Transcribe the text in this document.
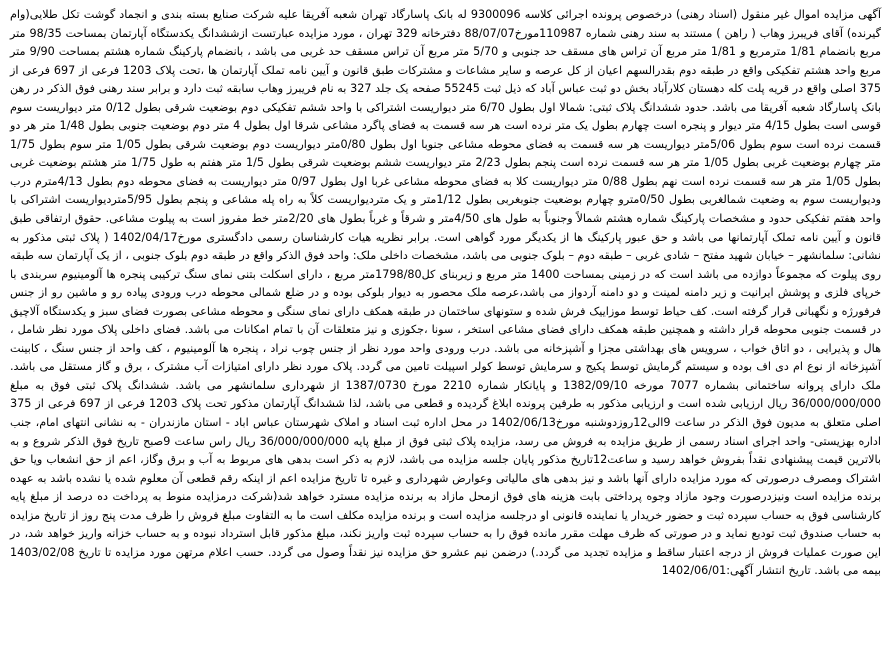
آگهی مزایده اموال غیر منقول (اسناد رهنی) درخصوص پرونده اجرائی کلاسه 9300096 له بانک پاسارگاد تهران شعبه آفریقا علیه شرکت صنایع بسته بندی و انجماد گوشت تکل طلایی(وام گیرنده) آقای فریبرز وهاب ( راهن ) مستند به سند رهنی شماره 110987مورخ88/07/07 دفترخانه 329 تهران ، مورد مزایده عبارتست ازششدانگ یکدستگاه آپارتمان بمساحت 98/35 متر مربع بانضمام 1/81 مترمربع و 1/81 متر مربع آن تراس های مسقف حد جنوبی و 5/70 متر مربع آن تراس مسقف حد غربی می باشد ، بانضمام پارکینگ شماره هشتم بمساحت 9/90 متر مربع واحد هشتم تفکیکی واقع در طبقه دوم بقدرالسهم اعیان از کل عرصه و سایر مشاعات و مشترکات طبق قانون و آیین نامه تملک آپارتمان ها ،تحت پلاک 1203 فرعی از 697 فرعی از 375 اصلی واقع در قریه پلت کله دهستان کلارآباد بخش دو ثبت عباس آباد که ذیل ثبت 55245 صفحه یک جلد 327 به نام فریبرز وهاب سابقه ثبت دارد و برابر سند رهنی فوق الذکر در رهن بانک پاسارگاد شعبه آفریقا می باشد. حدود ششدانگ پلاک ثبتی: شمالا اول بطول 6/70 متر دیواریست اشتراکی با واحد ششم تفکیکی دوم بوضعیت شرقی بطول 0/12 متر دیواریست سوم قوسی است بطول 4/15 متر دیوار و پنجره است چهارم بطول یک متر نرده است هر سه قسمت به فضای پاگرد مشاعی شرقا اول بطول 4 متر دوم بوضعیت جنوبی بطول 1/48 متر هر دو قسمت نرده است سوم بطول 5/06متر دیواریست هر سه قسمت به فضای محوطه مشاعی جنوبا اول بطول 0/80متر دیواریست دوم بوضعیت شرقی بطول 1/05 متر سوم بطول 1/75 متر چهارم بوضعیت غربی بطول 1/05 متر هر سه قسمت نرده است پنجم بطول 2/23 متر دیواریست ششم بوضعیت شرقی بطول 1/5 متر هفتم به طول 1/75 متر هشتم بوضعیت غربی بطول 1/05 متر هر سه قسمت نرده است نهم بطول 0/88 متر دیواریست کلا به فضای محوطه مشاعی غربا اول بطول 0/97 متر دیواریست به فضای محوطه دوم بطول 4/13مترم درب ودیواریست سوم به وضعیت شمالغربی بطول 0/50مترو چهارم بوضعیت جنوبغربی بطول 1/12متر و یک متردیواریست کلاً به راه پله مشاعی و پنجم بطول 5/95متردیواریست اشتراکی با واحد هفتم تفکیکی حدود و مشخصات پارکینگ شماره هشتم شمالاً وجنوباً به طول های 4/50متر و شرقاً و غرباً بطول های 2/20متر خط مفروز است به پیلوت مشاعی. حقوق ارتفاقی طبق قانون و آیین نامه تملک آپارتمانها می باشد و حق عبور پارکینگ ها از یکدیگر مورد گواهی است. برابر نظریه هیات کارشناسان رسمی دادگستری مورخ1402/04/17 ( پلاک ثبتی مذکور به نشانی: سلمانشهر – خیابان شهید مفتح – شادی غربی – طبقه دوم – بلوک جنوبی می باشد، مشخصات داخلی ملک: واحد فوق الذکر واقع در طبقه دوم بلوک جنوبی ، از یک آپارتمان سه طبقه روی پیلوت که مجموعاً دوازده می باشد است که در زمینی بمساحت 1400 متر مربع و زیربنای کل1798/80متر مربع ، دارای اسکلت بتنی نمای سنگ ترکیبی پنجره ها آلومینیوم سربندی با خرپای فلزی و پوشش ایرانیت و زیر دامنه لمینت و دو دامنه آردواز می باشد،عرصه ملک محصور به دیوار بلوکی بوده و در ضلع شمالی محوطه درب ورودی پیاده رو و ماشین رو از جنس فرفورژه و نگهبانی قرار گرفته است. کف حیاط توسط موزاییک فرش شده و ستونهای ساختمان در طبقه همکف دارای نمای سنگی و محوطه مشاعی بصورت فضای سبز و یکدستگاه آلاچیق در قسمت جنوبی محوطه قرار داشته و همچنین طبقه همکف دارای فضای مشاعی استخر ، سونا ،جکوزی و نیز متعلقات آن با تمام امکانات می باشد. فضای داخلی پلاک مورد نظر شامل ، هال و پذیرایی ، دو اتاق خواب ، سرویس های بهداشتی مجزا و آشپزخانه می باشد. درب ورودی واحد مورد نظر از جنس چوب نراد ، پنجره ها آلومینیوم ، کف واحد از جنس سنگ ، کابینت آشپزخانه از نوع ام دی اف بوده و سیستم گرمایش توسط پکیج و سرمایش توسط کولر اسپیلت تامین می گردد. پلاک مورد نظر دارای امتیازات آب مشترک ، برق و گاز مستقل می باشد. ملک دارای پروانه ساختمانی بشماره 7077 مورخه 1382/09/10 و پایانکار شماره 2210 مورخ 1387/0730 از شهرداری سلمانشهر می باشد. ششدانگ پلاک ثبتی فوق به مبلغ 36/000/000/000 ریال ارزیابی شده است و ارزیابی مذکور به طرفین پرونده ابلاغ گردیده و قطعی می باشد، لذا ششدانگ آپارتمان مذکور تحت پلاک 1203 فرعی از 697 فرعی از 375 اصلی متعلق به مدیون فوق الذکر در ساعت 9الی12روزدوشنبه مورخ1402/06/13 در محل اداره ثبت اسناد و املاک شهرستان عباس اباد - استان مازندران - به نشانی انتهای امام، جنب اداره بهزیستی- واحد اجرای اسناد رسمی از طریق مزایده به فروش می رسد، مزایده پلاک ثبتی فوق از مبلغ پایه 36/000/000/000 ریال راس ساعت 9صبح تاریخ فوق الذکر شروع و به بالاترین قیمت پیشنهادی نقداً بفروش خواهد رسید و ساعت12تاریخ مذکور پایان جلسه مزایده می باشد، لازم به ذکر است بدهی های مربوط به آب و برق وگاز، اعم از حق انشعاب ویا حق اشتراک ومصرف درصورتی که مورد مزایده دارای آنها باشد و نیز بدهی های مالیاتی وعوارض شهرداری و غیره تا تاریخ مزایده اعم از اینکه رقم قطعی آن معلوم شده یا نشده باشد به عهده برنده مزایده است ونیزدرصورت وجود مازاد وجوه پرداختی بابت هزینه های فوق ازمحل مازاد به برنده مزایده مسترد خواهد شد(شرکت درمزایده منوط به پرداخت ده درصد از مبلغ پایه کارشناسی فوق به حساب سپرده ثبت و حضور خریدار یا نماینده قانونی او درجلسه مزایده است و برنده مزایده مکلف است ما به التفاوت مبلغ فروش را ظرف مدت پنج روز از تاریخ مزایده به حساب صندوق ثبت تودیع نماید و در صورتی که ظرف مهلت مقرر مانده فوق را به حساب سپرده ثبت واریز نکند، مبلغ مذکور قابل استرداد نبوده و به حساب خزانه واریز خواهد شد، در این صورت عملیات فروش از درجه اعتبار ساقط و مزایده تجدید می گردد.) درضمن نیم عشرو حق مزایده نیز نقداً وصول می گردد. حسب اعلام مرتهن مورد مزایده تا تاریخ 1403/02/08 بیمه می باشد. تاریخ انتشار آگهی:1402/06/01
